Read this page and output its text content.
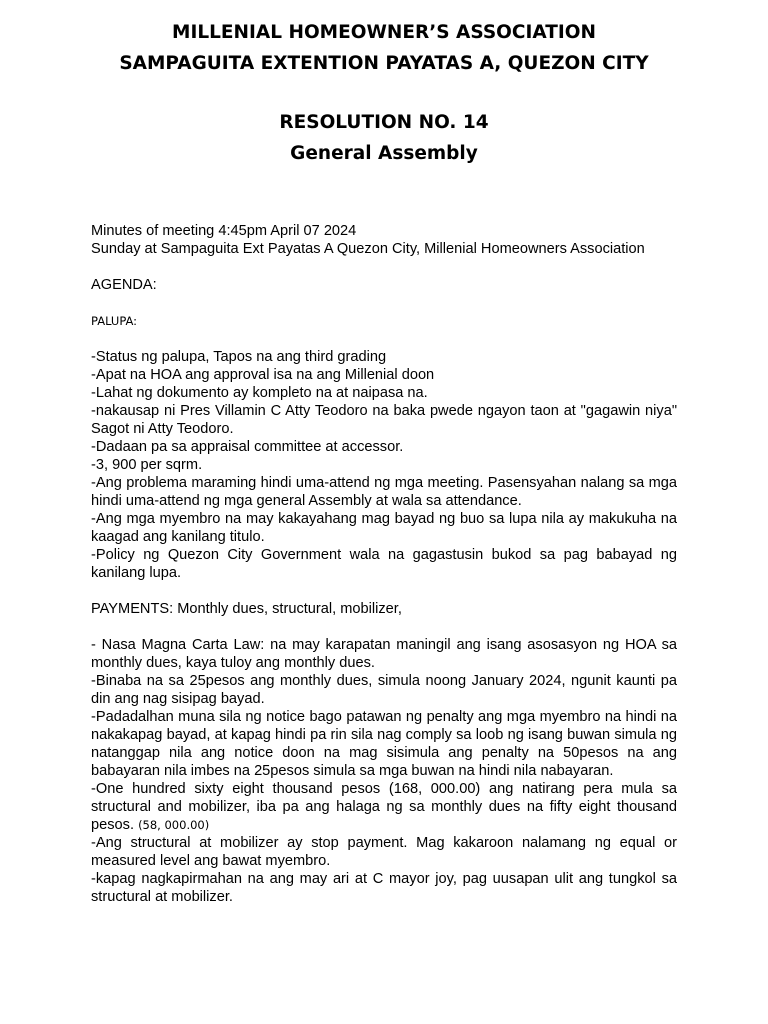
MILLENIAL HOMEOWNER’S ASSOCIATION
SAMPAGUITA EXTENTION PAYATAS A, QUEZON CITY
RESOLUTION NO. 14
General Assembly

Minutes of meeting 4:45pm April 07 2024

Sunday at Sampaguita Ext Payatas A Quezon City, Millenial Homeowners Association

AGENDA:

PALUPA:

-Status ng palupa, Tapos na ang third grading

-Apat na HOA ang approval isa na ang Millenial doon

-Lahat ng dokumento ay kompleto na at naipasa na.

-nakausap ni Pres Villamin C Atty Teodoro na baka pwede ngayon taon at "gagawin niya" Sagot ni Atty Teodoro.

-Dadaan pa sa appraisal committee at accessor.

-3, 900 per sqrm.

-Ang problema maraming hindi uma-attend ng mga meeting. Pasensyahan nalang sa mga hindi uma-attend ng mga general Assembly at wala sa attendance.

-Ang mga myembro na may kakayahang mag bayad ng buo sa lupa nila ay makukuha na kaagad ang kanilang titulo.

-Policy ng Quezon City Government wala na gagastusin bukod sa pag babayad ng kanilang lupa.

PAYMENTS: Monthly dues, structural, mobilizer,

- Nasa Magna Carta Law: na may karapatan maningil ang isang asosasyon ng HOA sa monthly dues, kaya tuloy ang monthly dues.

-Binaba na sa 25pesos ang monthly dues, simula noong January 2024, ngunit kaunti pa din ang nag sisipag bayad.

-Padadalhan muna sila ng notice bago patawan ng penalty ang mga myembro na hindi na nakakapag bayad, at kapag hindi pa rin sila nag comply sa loob ng isang buwan simula ng natanggap nila ang notice doon na mag sisimula ang penalty na 50pesos na ang babayaran nila imbes na 25pesos simula sa mga buwan na hindi nila nabayaran.

-One hundred sixty eight thousand pesos (168, 000.00) ang natirang pera mula sa structural and mobilizer, iba pa ang halaga ng sa monthly dues na fifty eight thousand pesos. (58, 000.00)

-Ang structural at mobilizer ay stop payment. Mag kakaroon nalamang ng equal or measured level ang bawat myembro.

-kapag nagkapirmahan na ang may ari at C mayor joy, pag uusapan ulit ang tungkol sa structural at mobilizer.
